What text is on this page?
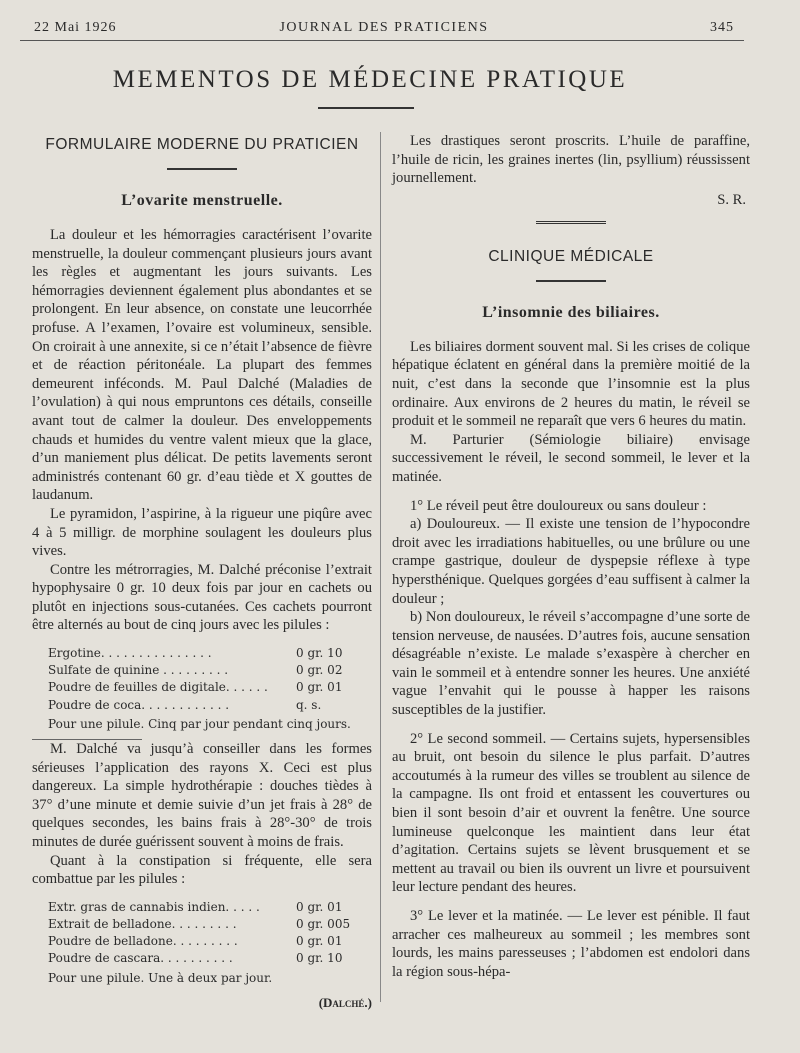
22 Mai 1926	JOURNAL DES PRATICIENS	345
MEMENTOS DE MÉDECINE PRATIQUE
FORMULAIRE MODERNE DU PRATICIEN
L’ovarite menstruelle.

La douleur et les hémorragies caractérisent l’ovarite menstruelle, la douleur commençant plusieurs jours avant les règles et augmentant les jours suivants. Les hémorragies deviennent également plus abondantes et se prolongent. En leur absence, on constate une leucorrhée profuse. A l’examen, l’ovaire est volumineux, sensible. On croirait à une annexite, si ce n’était l’absence de fièvre et de réaction péritonéale. La plupart des femmes demeurent inféconds. M. Paul Dalché (Maladies de l’ovulation) à qui nous empruntons ces détails, conseille avant tout de calmer la douleur. Des enveloppements chauds et humides du ventre valent mieux que la glace, d’un maniement plus délicat. De petits lavements seront administrés contenant 60 gr. d’eau tiède et X gouttes de laudanum.

Le pyramidon, l’aspirine, à la rigueur une piqûre avec 4 à 5 milligr. de morphine soulagent les douleurs plus vives.

Contre les métrorragies, M. Dalché préconise l’extrait hypophysaire 0 gr. 10 deux fois par jour en cachets ou plutôt en injections sous-cutanées. Ces cachets pourront être alternés au bout de cinq jours avec les pilules :

Ergotine. . . . . . . . . . . . . . .	0 gr. 10
Sulfate de quinine . . . . . . . . .	0 gr. 02
Poudre de feuilles de digitale. . . . . .	0 gr. 01
Poudre de coca. . . . . . . . . . . .	q. s.
Pour une pilule. Cinq par jour pendant cinq jours.

M. Dalché va jusqu’à conseiller dans les formes sérieuses l’application des rayons X. Ceci est plus dangereux. La simple hydrothérapie : douches tièdes à 37° d’une minute et demie suivie d’un jet frais à 28° de quelques secondes, les bains frais à 28°-30° de trois minutes de durée guérissent souvent à moins de frais.

Quant à la constipation si fréquente, elle sera combattue par les pilules :

Extr. gras de cannabis indien. . . . .	0 gr. 01
Extrait de belladone. . . . . . . . .	0 gr. 005
Poudre de belladone. . . . . . . . .	0 gr. 01
Poudre de cascara. . . . . . . . . .	0 gr. 10
Pour une pilule. Une à deux par jour.
(Dalché.)

Les drastiques seront proscrits. L’huile de paraffine, l’huile de ricin, les graines inertes (lin, psyllium) réussissent journellement.

S. R.
CLINIQUE MÉDICALE
L’insomnie des biliaires.

Les biliaires dorment souvent mal. Si les crises de colique hépatique éclatent en général dans la première moitié de la nuit, c’est dans la seconde que l’insomnie est la plus ordinaire. Aux environs de 2 heures du matin, le réveil se produit et le sommeil ne reparaît que vers 6 heures du matin.

M. Parturier (Sémiologie biliaire) envisage successivement le réveil, le second sommeil, le lever et la matinée.

1° Le réveil peut être douloureux ou sans douleur :

a) Douloureux. — Il existe une tension de l’hypocondre droit avec les irradiations habituelles, ou une brûlure ou une crampe gastrique, douleur de dyspepsie réflexe à type hypersthénique. Quelques gorgées d’eau suffisent à calmer la douleur ;

b) Non douloureux, le réveil s’accompagne d’une sorte de tension nerveuse, de nausées. D’autres fois, aucune sensation désagréable n’existe. Le malade s’exaspère à chercher en vain le sommeil et à entendre sonner les heures. Une anxiété vague l’envahit qui le pousse à happer les raisons susceptibles de la justifier.

2° Le second sommeil. — Certains sujets, hypersensibles au bruit, ont besoin du silence le plus parfait. D’autres accoutumés à la rumeur des villes se troublent au silence de la campagne. Ils ont froid et entassent les couvertures ou bien il sont besoin d’air et ouvrent la fenêtre. Une source lumineuse quelconque les maintient dans leur état d’agitation. Certains sujets se lèvent brusquement et se mettent au travail ou bien ils ouvrent un livre et poursuivent leur lecture pendant des heures.

3° Le lever et la matinée. — Le lever est pénible. Il faut arracher ces malheureux au sommeil ; les membres sont lourds, les mains paresseuses ; l’abdomen est endolori dans la région sous-hépa-
